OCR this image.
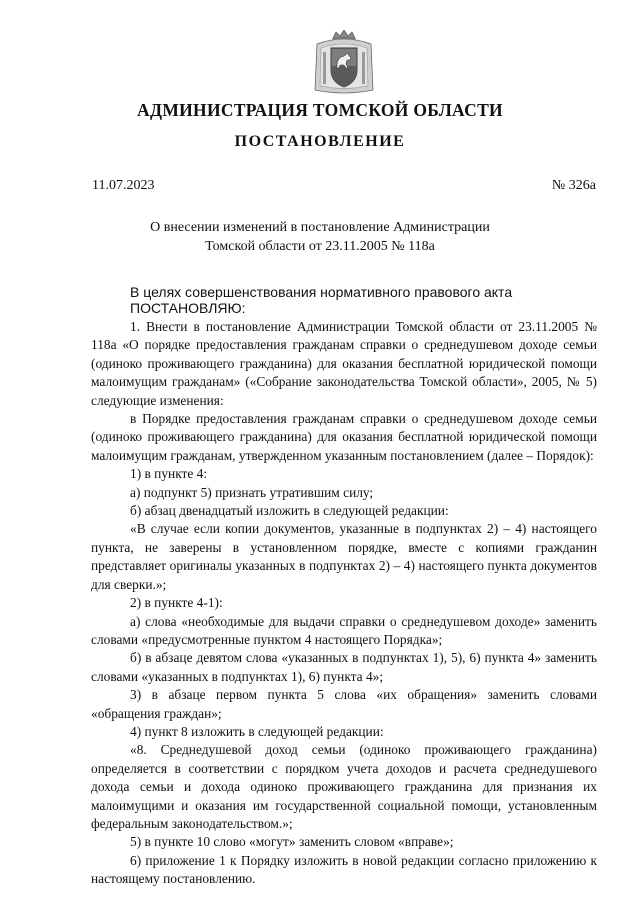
АДМИНИСТРАЦИЯ ТОМСКОЙ ОБЛАСТИ
ПОСТАНОВЛЕНИЕ
11.07.2023	№ 326а
О внесении изменений в постановление Администрации
Томской области от 23.11.2005 № 118а
В целях совершенствования нормативного правового акта
ПОСТАНОВЛЯЮ:

1. Внести в постановление Администрации Томской области от 23.11.2005 № 118а «О порядке предоставления гражданам справки о среднедушевом доходе семьи (одиноко проживающего гражданина) для оказания бесплатной юридической помощи малоимущим гражданам» («Собрание законодательства Томской области», 2005, № 5) следующие изменения:

в Порядке предоставления гражданам справки о среднедушевом доходе семьи (одиноко проживающего гражданина) для оказания бесплатной юридической помощи малоимущим гражданам, утвержденном указанным постановлением (далее – Порядок):

1) в пункте 4:

а) подпункт 5) признать утратившим силу;

б) абзац двенадцатый изложить в следующей редакции:

«В случае если копии документов, указанные в подпунктах 2) – 4) настоящего пункта, не заверены в установленном порядке, вместе с копиями гражданин представляет оригиналы указанных в подпунктах 2) – 4) настоящего пункта документов для сверки.»;

2) в пункте 4-1):

а) слова «необходимые для выдачи справки о среднедушевом доходе» заменить словами «предусмотренные пунктом 4 настоящего Порядка»;

б) в абзаце девятом слова «указанных в подпунктах 1), 5), 6) пункта 4» заменить словами «указанных в подпунктах 1), 6) пункта 4»;

3) в абзаце первом пункта 5 слова «их обращения» заменить словами «обращения граждан»;

4) пункт 8 изложить в следующей редакции:

«8. Среднедушевой доход семьи (одиноко проживающего гражданина) определяется в соответствии с порядком учета доходов и расчета среднедушевого дохода семьи и дохода одиноко проживающего гражданина для признания их малоимущими и оказания им государственной социальной помощи, установленным федеральным законодательством.»;

5) в пункте 10 слово «могут» заменить словом «вправе»;

6) приложение 1 к Порядку изложить в новой редакции согласно приложению к настоящему постановлению.
